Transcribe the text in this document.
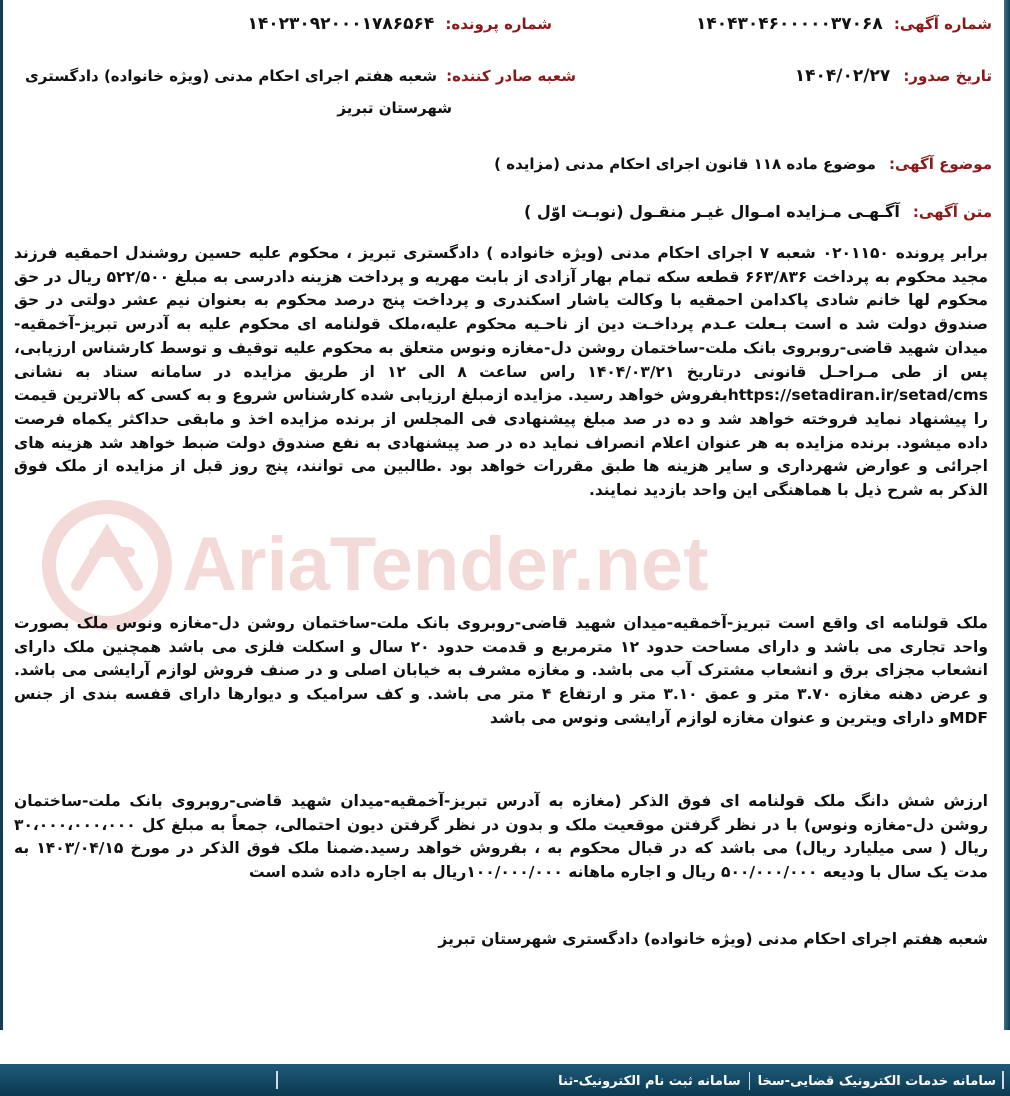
AriaTender.net
شماره آگهی: ۱۴۰۴۳۰۴۶۰۰۰۰۰۳۷۰۶۸
شماره پرونده: ۱۴۰۲۳۰۹۲۰۰۰۱۷۸۶۵۶۴
تاریخ صدور: ۱۴۰۴/۰۲/۲۷
شعبه صادر کننده: شعبه هفتم اجرای احکام مدنی (ویژه خانواده) دادگستری
شهرستان تبریز
موضوع آگهی: موضوع ماده ۱۱۸ قانون اجرای احکام مدنی (مزایده )
متن آگهی: آگـهـی مـزایده امـوال غیـر منقـول (نوبـت اوّل )
برابر پرونده ۰۲۰۱۱۵۰ شعبه ۷ اجرای احکام مدنی (ویژه خانواده ) دادگستری تبریز ، محکوم علیه حسین روشندل احمقیه فرزند مجید محکوم به پرداخت ۶۶۳/۸۳۶ قطعه سکه تمام بهار آزادی از بابت مهریه و پرداخت هزینه دادرسی به مبلغ ۵۲۲/۵۰۰ ریال در حق محکوم لها خانم شادی پاکدامن احمقیه با وکالت یاشار اسکندری و پرداخت پنج درصد محکوم به بعنوان نیم عشر دولتی در حق صندوق دولت شد ه است بـعلت عـدم پرداخـت دین از ناحـیه محکوم علیه،ملک قولنامه ای محکوم علیه به آدرس تبریز-آخمقیه-میدان شهید قاضی-روبروی بانک ملت-ساختمان روشن دل-مغازه ونوس متعلق به محکوم علیه توقیف و توسط کارشناس ارزیابی، پس از طی مـراحـل قانونی درتاریخ ۱۴۰۴/۰۳/۲۱ راس ساعت ۸ الی ۱۲ از طریق مزایده در سامانه ستاد به نشانی https://setadiran.ir/setad/cmsبفروش خواهد رسید. مزایده ازمبلغ ارزیابی شده کارشناس شروع و به کسی که بالاترین قیمت را پیشنهاد نماید فروخته خواهد شد و ده در صد مبلغ پیشنهادی فی المجلس از برنده مزایده اخذ و مابقی حداکثر یکماه فرصت داده میشود. برنده مزایده به هر عنوان اعلام انصراف نماید ده در صد پیشنهادی به نفع صندوق دولت ضبط خواهد شد هزینه های اجرائی و عوارض شهرداری و سایر هزینه ها طبق مقررات خواهد بود .طالبین می توانند، پنج روز قبل از مزایده از ملک فوق الذکر به شرح ذیل با هماهنگی این واحد بازدید نمایند.
ملک قولنامه ای واقع است تبریز-آخمقیه-میدان شهید قاضی-روبروی بانک ملت-ساختمان روشن دل-مغازه ونوس ملک بصورت واحد تجاری می باشد و دارای مساحت حدود ۱۲ مترمربع و قدمت حدود ۲۰ سال و اسکلت فلزی می باشد همچنین ملک دارای انشعاب مجزای برق و انشعاب مشترک آب می باشد. و مغازه مشرف به خیابان اصلی و در صنف فروش لوازم آرایشی می باشد. و عرض دهنه مغازه ۳.۷۰ متر و عمق ۳.۱۰ متر و ارتفاع ۴ متر می باشد. و کف سرامیک و دیوارها دارای قفسه بندی از جنس MDFو دارای ویترین و عنوان مغازه لوازم آرایشی ونوس می باشد
ارزش شش دانگ ملک قولنامه ای فوق الذکر (مغازه به آدرس تبریز-آخمقیه-میدان شهید قاضی-روبروی بانک ملت-ساختمان روشن دل-مغازه ونوس) با در نظر گرفتن موقعیت ملک و بدون در نظر گرفتن دیون احتمالی، جمعاً به مبلغ کل ۳۰،۰۰۰،۰۰۰،۰۰۰ ریال ( سی میلیارد ریال) می باشد که در قبال محکوم به ، بفروش خواهد رسید.ضمنا ملک فوق الذکر در مورخ ۱۴۰۳/۰۴/۱۵ به مدت یک سال با ودیعه ۵۰۰/۰۰۰/۰۰۰ ریال و اجاره ماهانه ۱۰۰/۰۰۰/۰۰۰ریال به اجاره داده شده است
شعبه هفتم اجرای احکام مدنی (ویژه خانواده) دادگستری شهرستان تبریز
سامانه خدمات الکترونیک قضایی-سخا
سامانه ثبت نام الکترونیک-ثنا
